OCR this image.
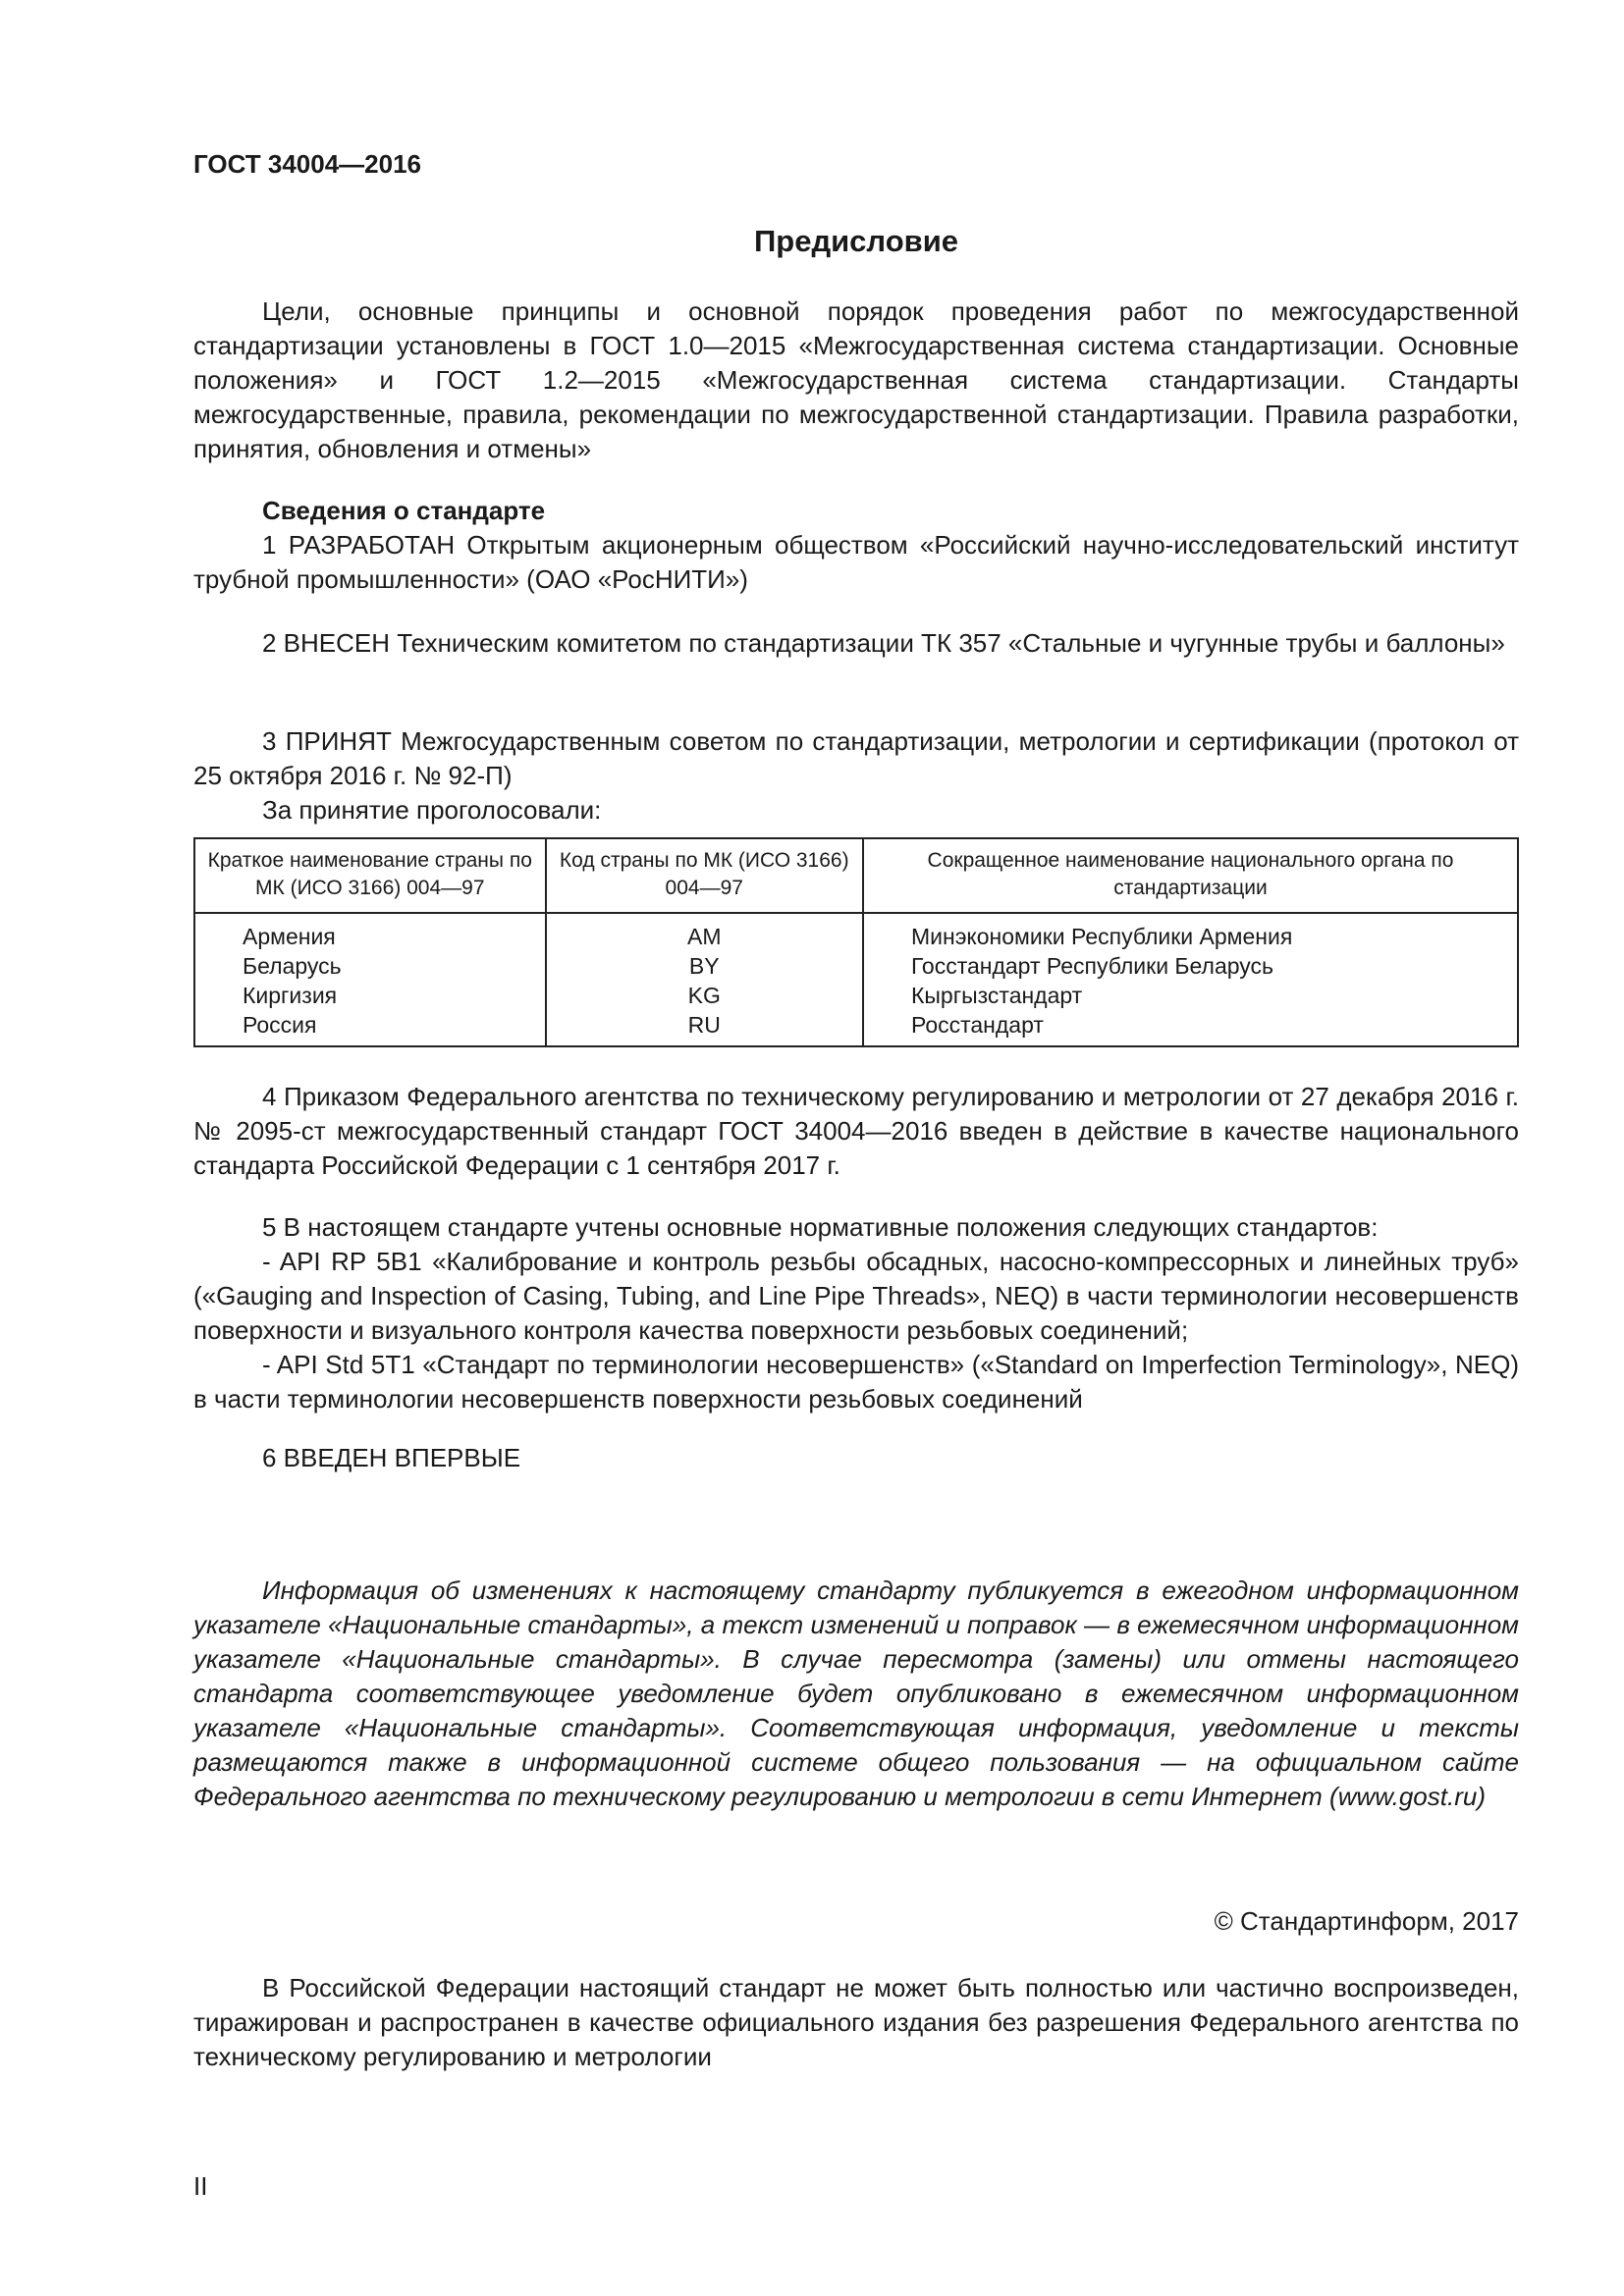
ГОСТ 34004—2016
Предисловие

Цели, основные принципы и основной порядок проведения работ по межгосударственной стандартизации установлены в ГОСТ 1.0—2015 «Межгосударственная система стандартизации. Основные положения» и ГОСТ 1.2—2015 «Межгосударственная система стандартизации. Стандарты межгосударственные, правила, рекомендации по межгосударственной стандартизации. Правила разработки, принятия, обновления и отмены»

Сведения о стандарте

1 РАЗРАБОТАН Открытым акционерным обществом «Российский научно-исследовательский институт трубной промышленности» (ОАО «РосНИТИ»)

2 ВНЕСЕН Техническим комитетом по стандартизации ТК 357 «Стальные и чугунные трубы и баллоны»

3 ПРИНЯТ Межгосударственным советом по стандартизации, метрологии и сертификации (протокол от 25 октября 2016 г. № 92-П)

За принятие проголосовали:

Краткое наименование страны по МК (ИСО 3166) 004—97	Код страны по МК (ИСО 3166) 004—97	Сокращенное наименование национального органа по стандартизации
Армения	AM	Минэкономики Республики Армения
Беларусь	BY	Госстандарт Республики Беларусь
Киргизия	KG	Кыргызстандарт
Россия	RU	Росстандарт

4 Приказом Федерального агентства по техническому регулированию и метрологии от 27 декабря 2016 г. № 2095-ст межгосударственный стандарт ГОСТ 34004—2016 введен в действие в качестве национального стандарта Российской Федерации с 1 сентября 2017 г.

5 В настоящем стандарте учтены основные нормативные положения следующих стандартов:

- API RP 5B1 «Калибрование и контроль резьбы обсадных, насосно-компрессорных и линейных труб» («Gauging and Inspection of Casing, Tubing, and Line Pipe Threads», NEQ) в части терминологии несовершенств поверхности и визуального контроля качества поверхности резьбовых соединений;

- API Std 5T1 «Стандарт по терминологии несовершенств» («Standard on Imperfection Terminology», NEQ) в части терминологии несовершенств поверхности резьбовых соединений

6 ВВЕДЕН ВПЕРВЫЕ

Информация об изменениях к настоящему стандарту публикуется в ежегодном информационном указателе «Национальные стандарты», а текст изменений и поправок — в ежемесячном информационном указателе «Национальные стандарты». В случае пересмотра (замены) или отмены настоящего стандарта соответствующее уведомление будет опубликовано в ежемесячном информационном указателе «Национальные стандарты». Соответствующая информация, уведомление и тексты размещаются также в информационной системе общего пользования — на официальном сайте Федерального агентства по техническому регулированию и метрологии в сети Интернет (www.gost.ru)

© Стандартинформ, 2017

В Российской Федерации настоящий стандарт не может быть полностью или частично воспроизведен, тиражирован и распространен в качестве официального издания без разрешения Федерального агентства по техническому регулированию и метрологии

II
